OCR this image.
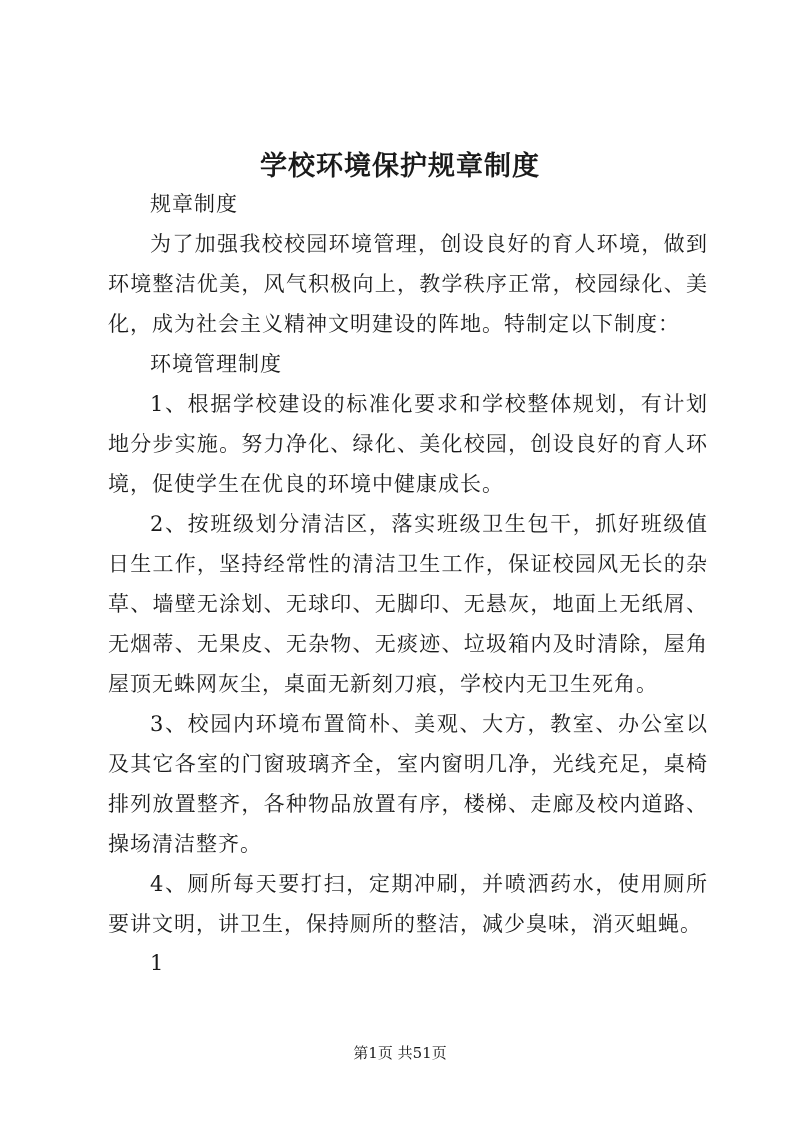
学校环境保护规章制度

规章制度

为了加强我校校园环境管理，创设良好的育人环境，做到环境整洁优美，风气积极向上，教学秩序正常，校园绿化、美化，成为社会主义精神文明建设的阵地。特制定以下制度：

环境管理制度

1、根据学校建设的标准化要求和学校整体规划，有计划地分步实施。努力净化、绿化、美化校园，创设良好的育人环境，促使学生在优良的环境中健康成长。

2、按班级划分清洁区，落实班级卫生包干，抓好班级值日生工作，坚持经常性的清洁卫生工作，保证校园风无长的杂草、墙壁无涂划、无球印、无脚印、无悬灰，地面上无纸屑、无烟蒂、无果皮、无杂物、无痰迹、垃圾箱内及时清除，屋角屋顶无蛛网灰尘，桌面无新刻刀痕，学校内无卫生死角。

3、校园内环境布置简朴、美观、大方，教室、办公室以及其它各室的门窗玻璃齐全，室内窗明几净，光线充足，桌椅排列放置整齐，各种物品放置有序，楼梯、走廊及校内道路、操场清洁整齐。

4、厕所每天要打扫，定期冲刷，并喷洒药水，使用厕所要讲文明，讲卫生，保持厕所的整洁，减少臭味，消灭蛆蝇。

1

第1页 共51页
